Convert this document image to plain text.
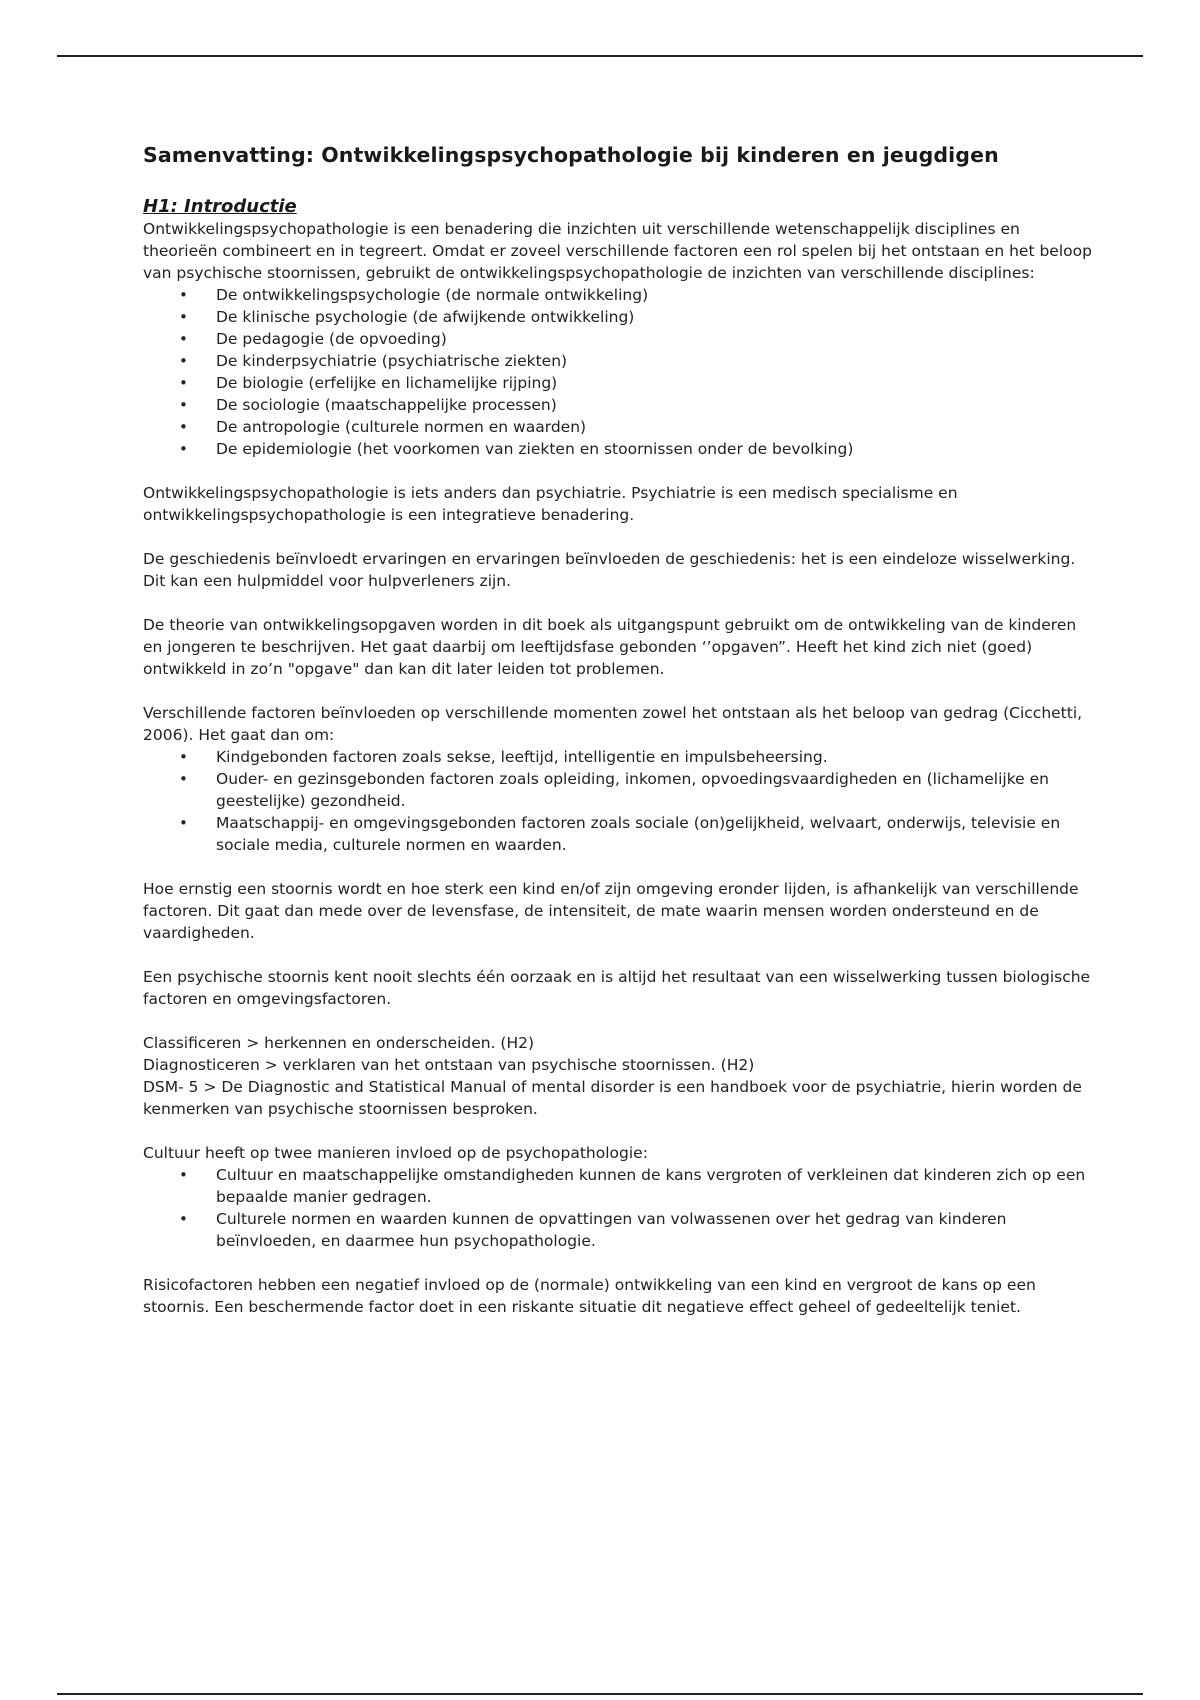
Samenvatting: Ontwikkelingspsychopathologie bij kinderen en jeugdigen
H1: Introductie

Ontwikkelingspsychopathologie is een benadering die inzichten uit verschillende wetenschappelijk disciplines en theorieën combineert en in tegreert. Omdat er zoveel verschillende factoren een rol spelen bij het ontstaan en het beloop van psychische stoornissen, gebruikt de ontwikkelingspsychopathologie de inzichten van verschillende disciplines:

• De ontwikkelingspsychologie (de normale ontwikkeling)
• De klinische psychologie (de afwijkende ontwikkeling)
• De pedagogie (de opvoeding)
• De kinderpsychiatrie (psychiatrische ziekten)
• De biologie (erfelijke en lichamelijke rijping)
• De sociologie (maatschappelijke processen)
• De antropologie (culturele normen en waarden)
• De epidemiologie (het voorkomen van ziekten en stoornissen onder de bevolking)

Ontwikkelingspsychopathologie is iets anders dan psychiatrie. Psychiatrie is een medisch specialisme en ontwikkelingspsychopathologie is een integratieve benadering.

De geschiedenis beïnvloedt ervaringen en ervaringen beïnvloeden de geschiedenis: het is een eindeloze wisselwerking. Dit kan een hulpmiddel voor hulpverleners zijn.

De theorie van ontwikkelingsopgaven worden in dit boek als uitgangspunt gebruikt om de ontwikkeling van de kinderen en jongeren te beschrijven. Het gaat daarbij om leeftijdsfase gebonden ‘’opgaven”. Heeft het kind zich niet (goed) ontwikkeld in zo’n "opgave" dan kan dit later leiden tot problemen.

Verschillende factoren beïnvloeden op verschillende momenten zowel het ontstaan als het beloop van gedrag (Cicchetti, 2006). Het gaat dan om:

• Kindgebonden factoren zoals sekse, leeftijd, intelligentie en impulsbeheersing.
• Ouder- en gezinsgebonden factoren zoals opleiding, inkomen, opvoedingsvaardigheden en (lichamelijke en geestelijke) gezondheid.
• Maatschappij- en omgevingsgebonden factoren zoals sociale (on)gelijkheid, welvaart, onderwijs, televisie en sociale media, culturele normen en waarden.

Hoe ernstig een stoornis wordt en hoe sterk een kind en/of zijn omgeving eronder lijden, is afhankelijk van verschillende factoren. Dit gaat dan mede over de levensfase, de intensiteit, de mate waarin mensen worden ondersteund en de vaardigheden.

Een psychische stoornis kent nooit slechts één oorzaak en is altijd het resultaat van een wisselwerking tussen biologische factoren en omgevingsfactoren.

Classificeren > herkennen en onderscheiden. (H2)

Diagnosticeren > verklaren van het ontstaan van psychische stoornissen. (H2)

DSM- 5 > De Diagnostic and Statistical Manual of mental disorder is een handboek voor de psychiatrie, hierin worden de kenmerken van psychische stoornissen besproken.

Cultuur heeft op twee manieren invloed op de psychopathologie:

• Cultuur en maatschappelijke omstandigheden kunnen de kans vergroten of verkleinen dat kinderen zich op een bepaalde manier gedragen.
• Culturele normen en waarden kunnen de opvattingen van volwassenen over het gedrag van kinderen beïnvloeden, en daarmee hun psychopathologie.

Risicofactoren hebben een negatief invloed op de (normale) ontwikkeling van een kind en vergroot de kans op een stoornis. Een beschermende factor doet in een riskante situatie dit negatieve effect geheel of gedeeltelijk teniet.
